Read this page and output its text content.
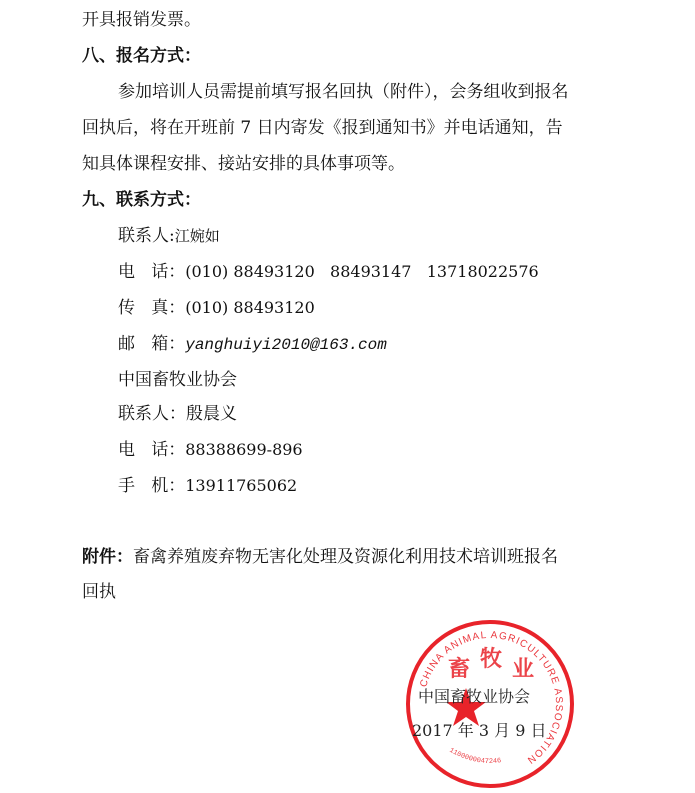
开具报销发票。
八、报名方式：
参加培训人员需提前填写报名回执（附件），会务组收到报名
回执后，将在开班前 7 日内寄发《报到通知书》并电话通知，告
知具体课程安排、接站安排的具体事项等。
九、联系方式：
联系人:江婉如
电   话：(010) 88493120   88493147   13718022576
传   真：(010) 88493120
邮   箱：yanghuiyi2010@163.com
中国畜牧业协会
联系人：殷晨义
电   话：88388699-896
手   机：13911765062
附件：畜禽养殖废弃物无害化处理及资源化利用技术培训班报名
回执
CHINA ANIMAL AGRICULTURE ASSOCIATION
畜 牧 业
1100000047246
中国畜牧业协会
2017 年 3 月 9 日
